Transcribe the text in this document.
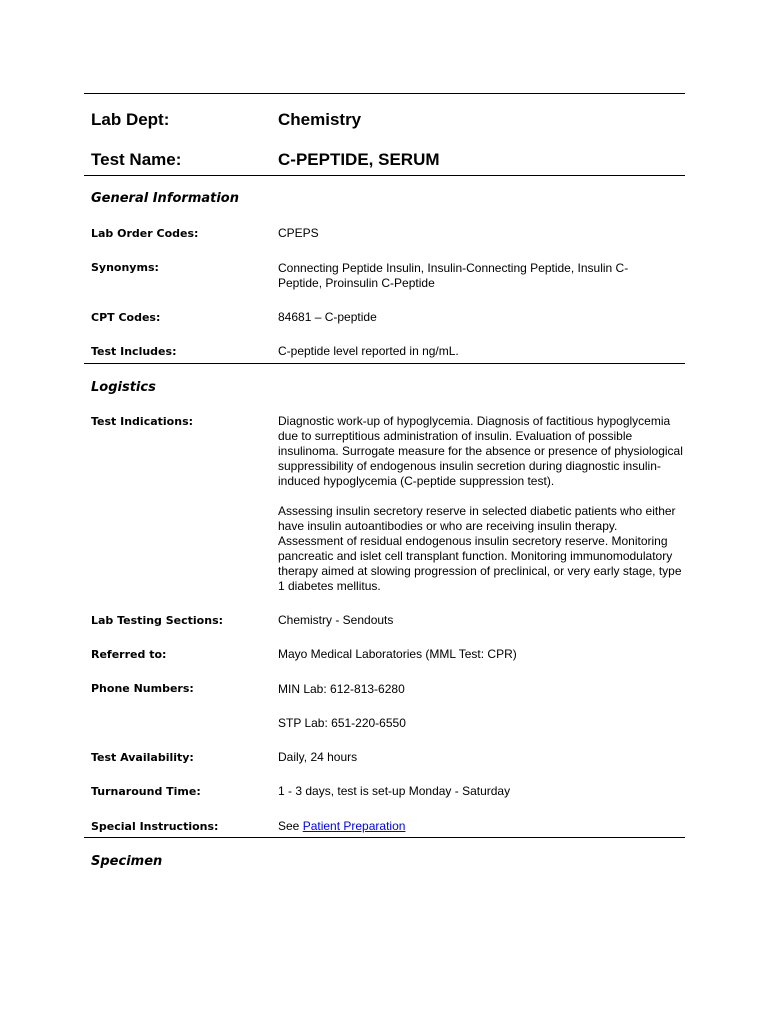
Lab Dept:	Chemistry
Test Name:	C-PEPTIDE, SERUM
General Information
Lab Order Codes:	CPEPS
Synonyms:	Connecting Peptide Insulin, Insulin-Connecting Peptide, Insulin C-Peptide, Proinsulin C-Peptide
CPT Codes:	84681 – C-peptide
Test Includes:	C-peptide level reported in ng/mL.
Logistics
Test Indications:	Diagnostic work-up of hypoglycemia. Diagnosis of factitious hypoglycemia due to surreptitious administration of insulin. Evaluation of possible insulinoma. Surrogate measure for the absence or presence of physiological suppressibility of endogenous insulin secretion during diagnostic insulin-induced hypoglycemia (C-peptide suppression test).
Assessing insulin secretory reserve in selected diabetic patients who either have insulin autoantibodies or who are receiving insulin therapy. Assessment of residual endogenous insulin secretory reserve. Monitoring pancreatic and islet cell transplant function. Monitoring immunomodulatory therapy aimed at slowing progression of preclinical, or very early stage, type 1 diabetes mellitus.
Lab Testing Sections:	Chemistry - Sendouts
Referred to:	Mayo Medical Laboratories (MML Test: CPR)
Phone Numbers:	MIN Lab: 612-813-6280
STP Lab: 651-220-6550
Test Availability:	Daily, 24 hours
Turnaround Time:	1 - 3 days, test is set-up Monday - Saturday
Special Instructions:	See Patient Preparation
Specimen
